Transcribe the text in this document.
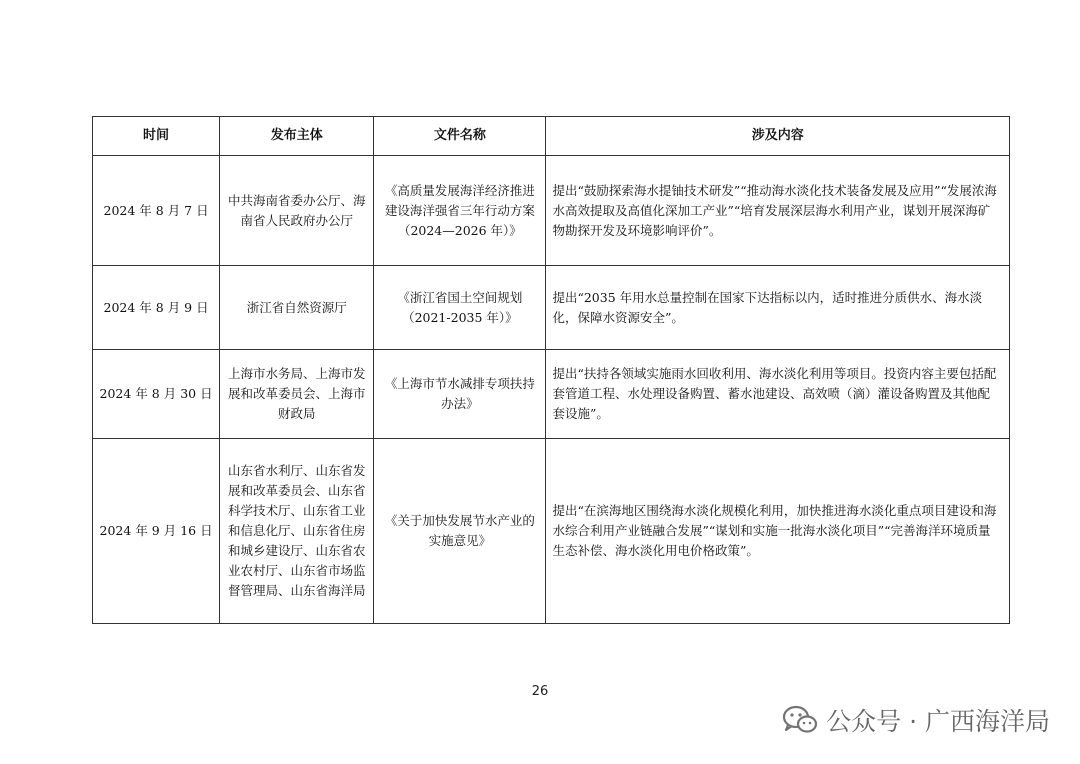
时间	发布主体	文件名称	涉及内容
2024 年 8 月 7 日	中共海南省委办公厅、海南省人民政府办公厅	《高质量发展海洋经济推进建设海洋强省三年行动方案（2024—2026 年）》	提出“鼓励探索海水提铀技术研发”“推动海水淡化技术装备发展及应用”“发展浓海水高效提取及高值化深加工产业”“培育发展深层海水利用产业，谋划开展深海矿物勘探开发及环境影响评价”。
2024 年 8 月 9 日	浙江省自然资源厅	《浙江省国土空间规划（2021-2035 年）》	提出“2035 年用水总量控制在国家下达指标以内，适时推进分质供水、海水淡化，保障水资源安全”。
2024 年 8 月 30 日	上海市水务局、上海市发展和改革委员会、上海市财政局	《上海市节水减排专项扶持办法》	提出“扶持各领域实施雨水回收利用、海水淡化利用等项目。投资内容主要包括配套管道工程、水处理设备购置、蓄水池建设、高效喷（滴）灌设备购置及其他配套设施”。
2024 年 9 月 16 日	山东省水利厅、山东省发展和改革委员会、山东省科学技术厅、山东省工业和信息化厅、山东省住房和城乡建设厅、山东省农业农村厅、山东省市场监督管理局、山东省海洋局	《关于加快发展节水产业的实施意见》	提出“在滨海地区围绕海水淡化规模化利用，加快推进海水淡化重点项目建设和海水综合利用产业链融合发展”“谋划和实施一批海水淡化项目”“完善海洋环境质量生态补偿、海水淡化用电价格政策”。
26
公众号 · 广西海洋局
